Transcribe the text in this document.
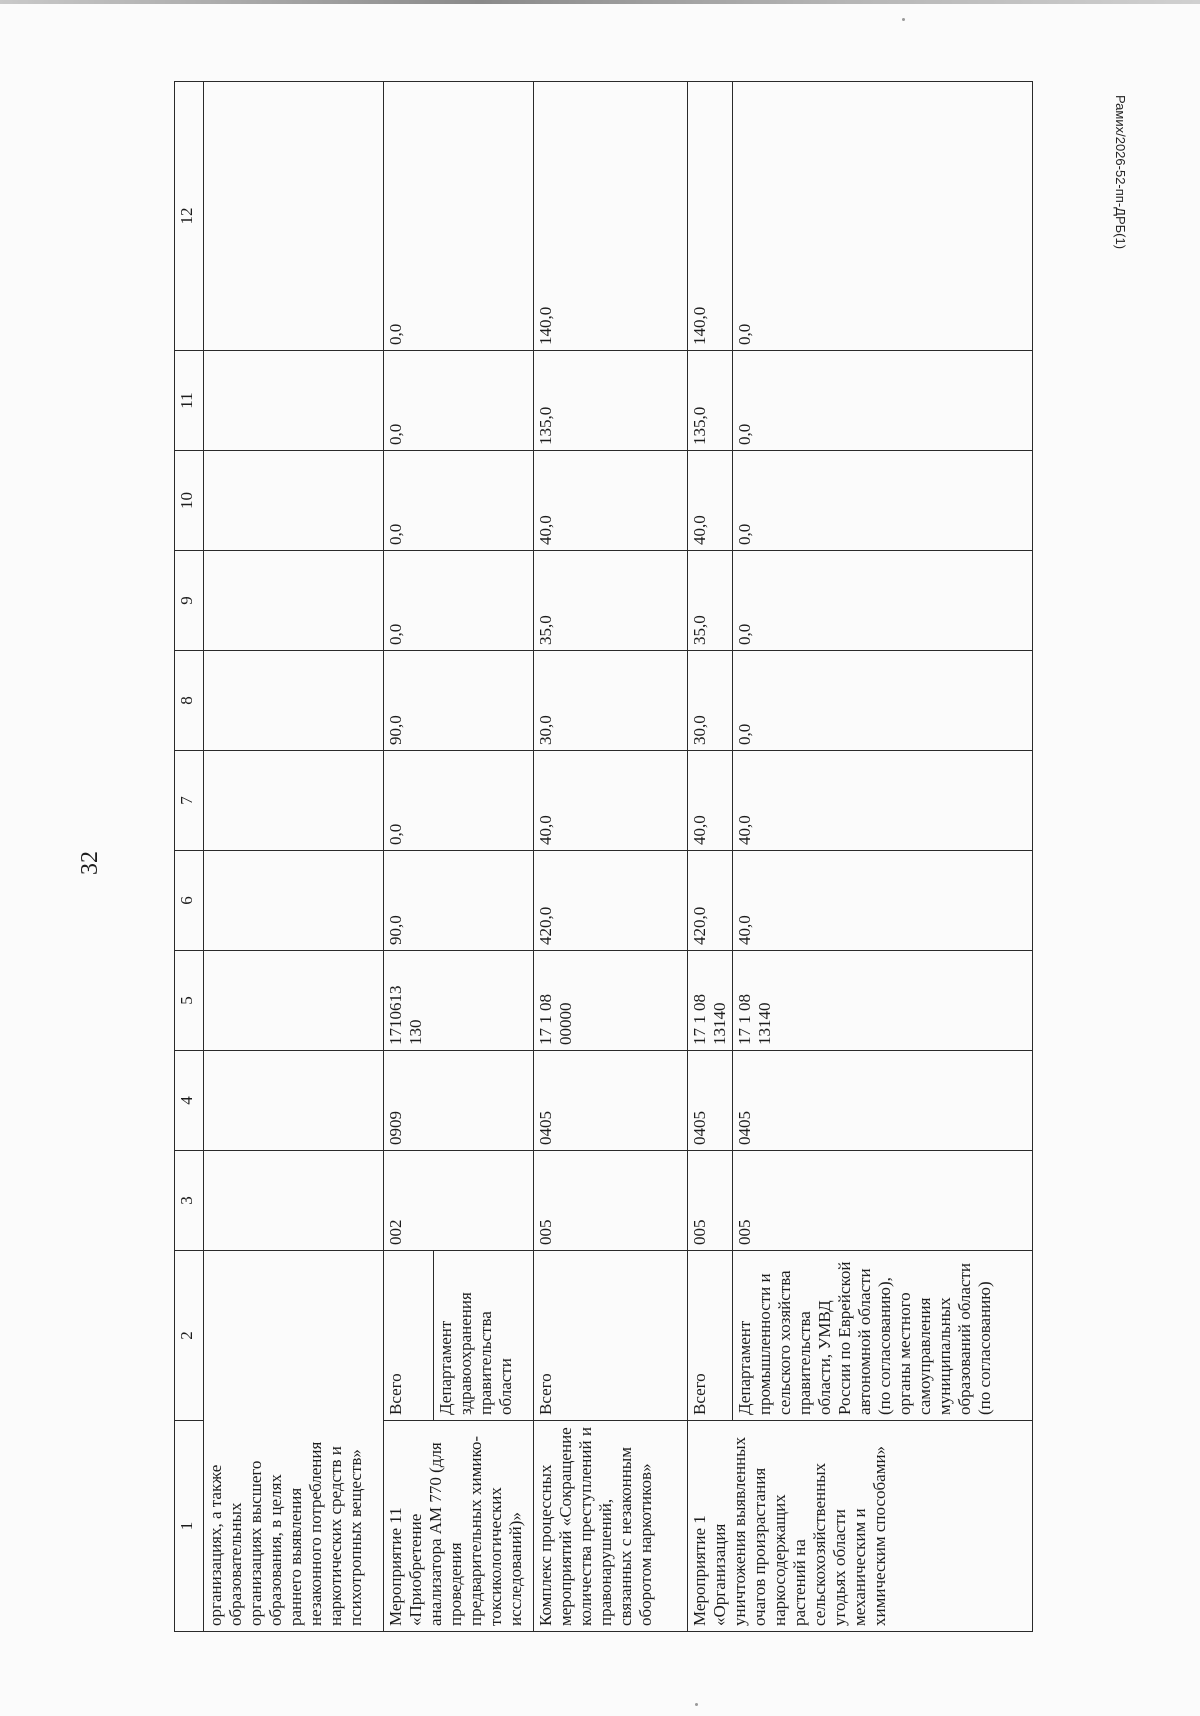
32
Рамих/2026-52-пп-ДРБ(1)
1	2	3	4	5	6	7	8	9	10	11	12
организациях, а также образовательных организациях высшего образования, в целях раннего выявления незаконного потребления наркотических средств и психотропных веществ»											
Мероприятие 11 «Приобретение анализатора АМ 770 (для проведения предварительных химико-токсикологических исследований)»	Всего	002	0909	1710613 130	90,0	0,0	90,0	0,0	0,0	0,0	0,0
	Департамент здравоохранения правительства области										
Комплекс процессных мероприятий «Сокращение количества преступлений и правонарушений, связанных с незаконным оборотом наркотиков»	Всего	005	0405	17 1 08 00000	420,0	40,0	30,0	35,0	40,0	135,0	140,0
Мероприятие 1 «Организация уничтожения выявленных очагов произрастания наркосодержащих растений на сельскохозяйственных угодьях области механическим и химическим способами»	Всего	005	0405	17 1 08 13140	420,0	40,0	30,0	35,0	40,0	135,0	140,0
	Департамент промышленности и сельского хозяйства правительства области, УМВД России по Еврейской автономной области (по согласованию), органы местного самоуправления муниципальных образований области (по согласованию)	005	0405	17 1 08 13140	40,0	40,0	0,0	0,0	0,0	0,0	0,0
